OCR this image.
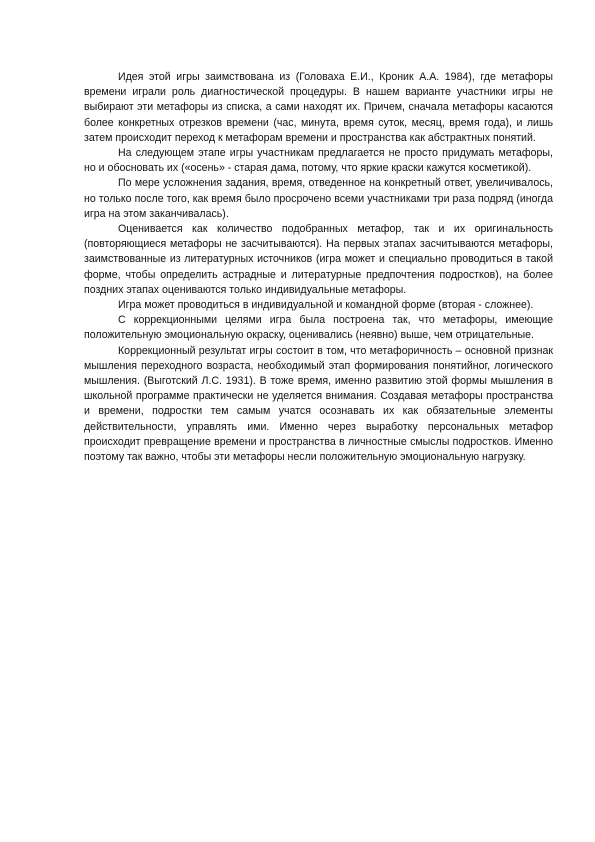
Идея этой игры заимствована из (Головаха Е.И., Кроник А.А. 1984), где метафоры времени играли роль диагностической процедуры. В нашем варианте участники игры не выбирают эти метафоры из списка, а сами находят их. Причем, сначала метафоры касаются более конкретных отрезков времени (час, минута, время суток, месяц, время года), и лишь затем происходит переход к метафорам времени и пространства как абстрактных понятий.

На следующем этапе игры участникам предлагается не просто придумать метафоры, но и обосновать их («осень» - старая дама, потому, что яркие краски кажутся косметикой).

По мере усложнения задания, время, отведенное на конкретный ответ, увеличивалось, но только после того, как время было просрочено всеми участниками три раза подряд (иногда игра на этом заканчивалась).

Оценивается как количество подобранных метафор, так и их оригинальность (повторяющиеся метафоры не засчитываются). На первых этапах засчитываются метафоры, заимствованные из литературных источников (игра может и специально проводиться в такой форме, чтобы определить астрадные и литературные предпочтения подростков), на более поздних этапах оцениваются только индивидуальные метафоры.

Игра может проводиться в индивидуальной и командной форме (вторая - сложнее).

С коррекционными целями игра была построена так, что метафоры, имеющие положительную эмоциональную окраску, оценивались (неявно) выше, чем отрицательные.

Коррекционный результат игры состоит в том, что метафоричность – основной признак мышления переходного возраста, необходимый этап формирования понятийног, логического мышления. (Выготский Л.С. 1931). В тоже время, именно развитию этой формы мышления в школьной программе практически не уделяется внимания. Создавая метафоры пространства и времени, подростки тем самым учатся осознавать их как обязательные элементы действительности, управлять ими. Именно через выработку персональных метафор происходит превращение времени и пространства в личностные смыслы подростков. Именно поэтому так важно, чтобы эти метафоры несли положительную эмоциональную нагрузку.
